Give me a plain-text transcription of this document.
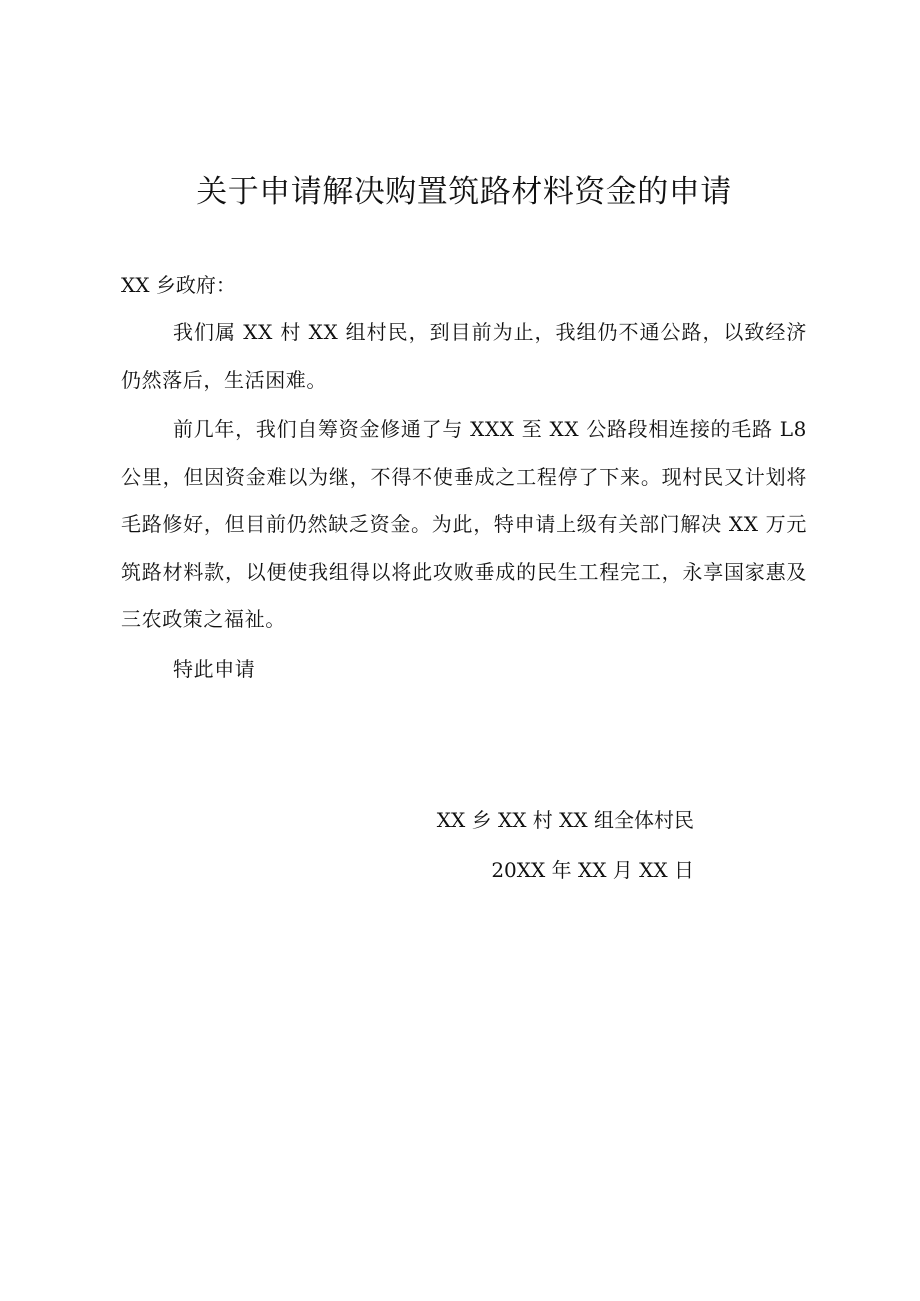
关于申请解决购置筑路材料资金的申请

XX 乡政府：

我们属 XX 村 XX 组村民，到目前为止，我组仍不通公路，以致经济仍然落后，生活困难。

前几年，我们自筹资金修通了与 XXX 至 XX 公路段相连接的毛路 L8 公里，但因资金难以为继，不得不使垂成之工程停了下来。现村民又计划将毛路修好，但目前仍然缺乏资金。为此，特申请上级有关部门解决 XX 万元筑路材料款，以便使我组得以将此攻败垂成的民生工程完工，永享国家惠及三农政策之福祉。

特此申请

XX 乡 XX 村 XX 组全体村民

20XX 年 XX 月 XX 日
